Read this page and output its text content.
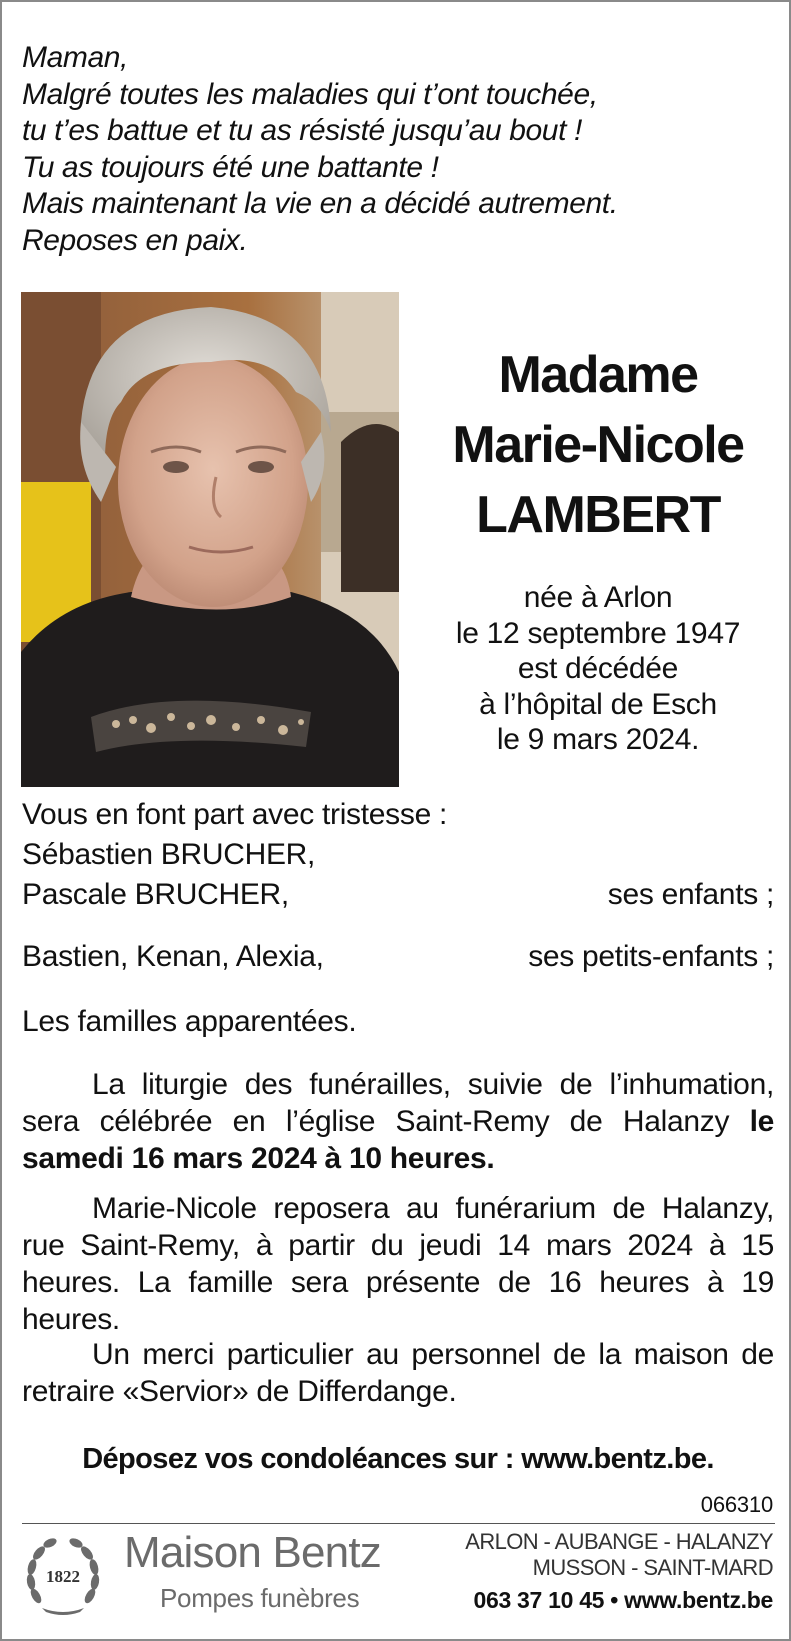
Maman,
Malgré toutes les maladies qui t’ont touchée,
tu t’es battue et tu as résisté jusqu’au bout !
Tu as toujours été une battante !
Mais maintenant la vie en a décidé autrement.
Reposes en paix.
Madame
Marie-Nicole
LAMBERT
née à Arlon
le 12 septembre 1947
est décédée
à l’hôpital de Esch
le 9 mars 2024.
Vous en font part avec tristesse :
Sébastien BRUCHER,
Pascale BRUCHER,	ses enfants ;
Bastien, Kenan, Alexia,	ses petits-enfants ;
Les familles apparentées.
La liturgie des funérailles, suivie de l’inhumation, sera célébrée en l’église Saint-Remy de Halanzy le samedi 16 mars 2024 à 10 heures.
Marie-Nicole reposera au funérarium de Halanzy, rue Saint-Remy, à partir du jeudi 14 mars 2024 à 15 heures. La famille sera présente de 16 heures à 19 heures.
Un merci particulier au personnel de la maison de retraire «Servior» de Differdange.
Déposez vos condoléances sur : www.bentz.be.
066310
1822 Maison Bentz
Pompes funèbres
ARLON - AUBANGE - HALANZY
MUSSON - SAINT-MARD
063 37 10 45 • www.bentz.be
